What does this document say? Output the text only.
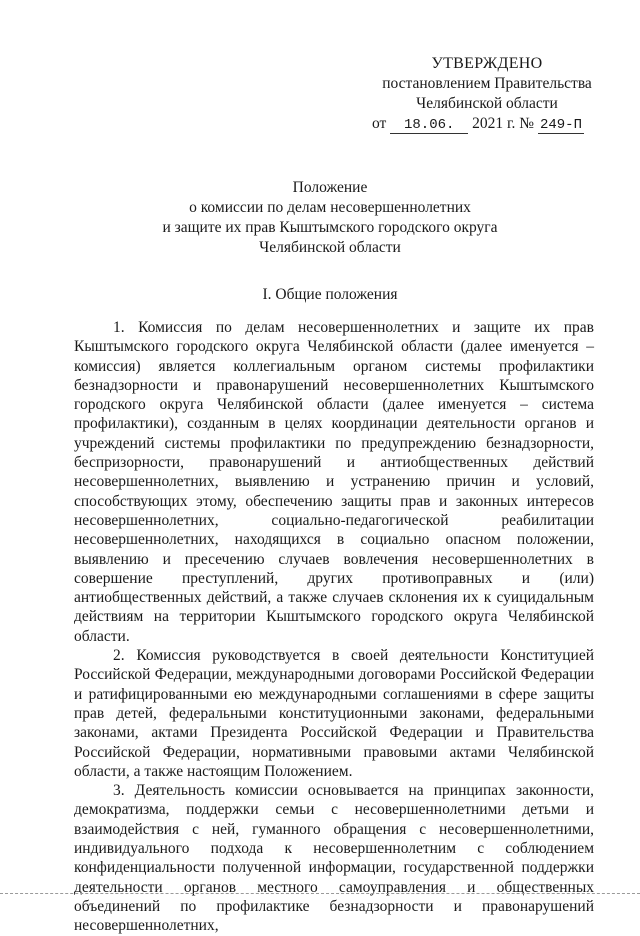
УТВЕРЖДЕНО
постановлением Правительства
Челябинской области
от 18.06. 2021 г. № 249-П
Положение
о комиссии по делам несовершеннолетних
и защите их прав Кыштымского городского округа
Челябинской области
I. Общие положения

1. Комиссия по делам несовершеннолетних и защите их прав Кыштымского городского округа Челябинской области (далее именуется – комиссия) является коллегиальным органом системы профилактики безнадзорности и правонарушений несовершеннолетних Кыштымского городского округа Челябинской области (далее именуется – система профилактики), созданным в целях координации деятельности органов и учреждений системы профилактики по предупреждению безнадзорности, беспризорности, правонарушений и антиобщественных действий несовершеннолетних, выявлению и устранению причин и условий, способствующих этому, обеспечению защиты прав и законных интересов несовершеннолетних, социально-педагогической реабилитации несовершеннолетних, находящихся в социально опасном положении, выявлению и пресечению случаев вовлечения несовершеннолетних в совершение преступлений, других противоправных и (или) антиобщественных действий, а также случаев склонения их к суицидальным действиям на территории Кыштымского городского округа Челябинской области.

2. Комиссия руководствуется в своей деятельности Конституцией Российской Федерации, международными договорами Российской Федерации и ратифицированными ею международными соглашениями в сфере защиты прав детей, федеральными конституционными законами, федеральными законами, актами Президента Российской Федерации и Правительства Российской Федерации, нормативными правовыми актами Челябинской области, а также настоящим Положением.

3. Деятельность комиссии основывается на принципах законности, демократизма, поддержки семьи с несовершеннолетними детьми и взаимодействия с ней, гуманного обращения с несовершеннолетними, индивидуального подхода к несовершеннолетним с соблюдением конфиденциальности полученной информации, государственной поддержки деятельности органов местного самоуправления и общественных объединений по профилактике безнадзорности и правонарушений несовершеннолетних,
